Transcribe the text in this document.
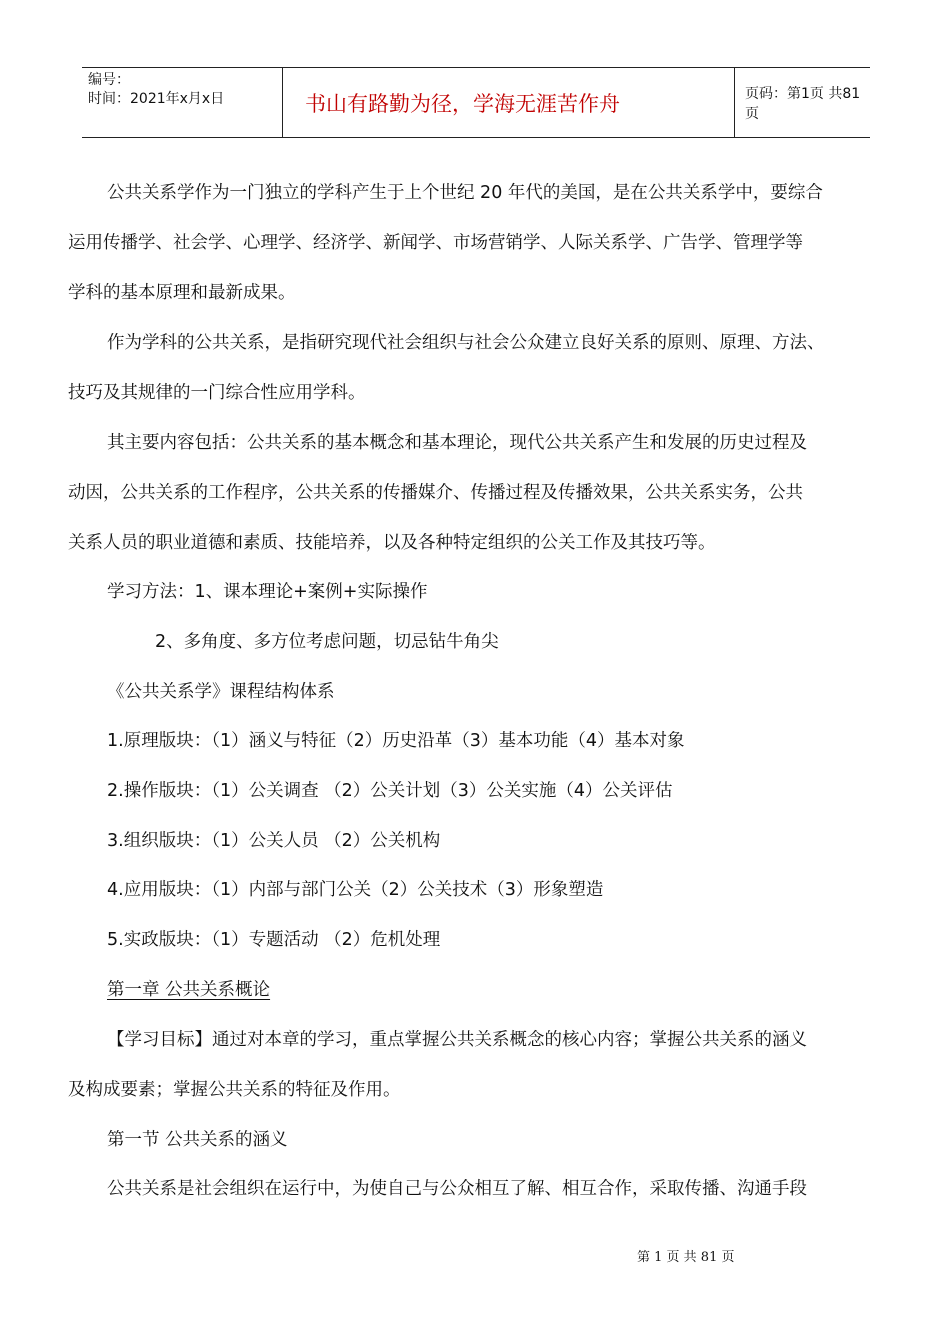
编号：
时间：2021年x月x日	书山有路勤为径，学海无涯苦作舟	页码：第1页 共81页
公共关系学作为一门独立的学科产生于上个世纪 20 年代的美国，是在公共关系学中，要综合
运用传播学、社会学、心理学、经济学、新闻学、市场营销学、人际关系学、广告学、管理学等
学科的基本原理和最新成果。
作为学科的公共关系，是指研究现代社会组织与社会公众建立良好关系的原则、原理、方法、
技巧及其规律的一门综合性应用学科。
其主要内容包括：公共关系的基本概念和基本理论，现代公共关系产生和发展的历史过程及
动因，公共关系的工作程序，公共关系的传播媒介、传播过程及传播效果，公共关系实务，公共
关系人员的职业道德和素质、技能培养，以及各种特定组织的公关工作及其技巧等。
学习方法：1、课本理论+案例+实际操作
2、多角度、多方位考虑问题，切忌钻牛角尖
《公共关系学》课程结构体系
1.原理版块：（1）涵义与特征（2）历史沿革（3）基本功能（4）基本对象
2.操作版块：（1）公关调查 （2）公关计划（3）公关实施（4）公关评估
3.组织版块：（1）公关人员 （2）公关机构
4.应用版块：（1）内部与部门公关（2）公关技术（3）形象塑造
5.实政版块：（1）专题活动 （2）危机处理
第一章 公共关系概论
【学习目标】通过对本章的学习，重点掌握公共关系概念的核心内容；掌握公共关系的涵义
及构成要素；掌握公共关系的特征及作用。
第一节 公共关系的涵义
公共关系是社会组织在运行中，为使自己与公众相互了解、相互合作，采取传播、沟通手段
第 1 页 共 81 页
